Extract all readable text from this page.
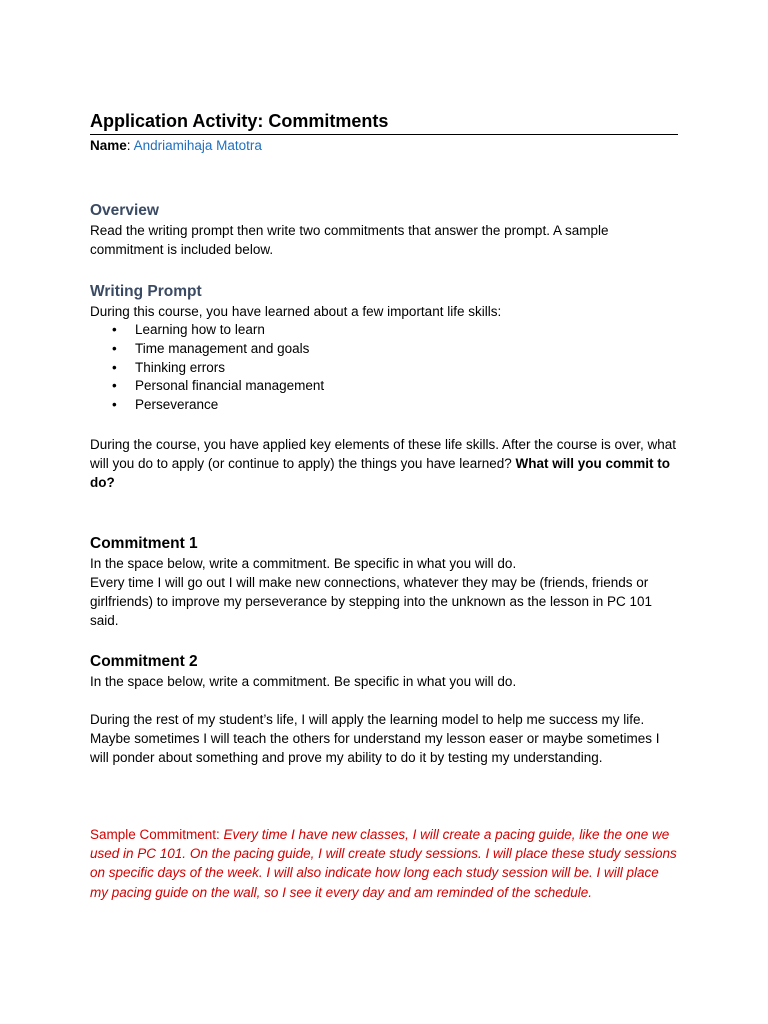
Application Activity: Commitments
Name: Andriamihaja Matotra
Overview

Read the writing prompt then write two commitments that answer the prompt. A sample commitment is included below.

Writing Prompt

During this course, you have learned about a few important life skills:

• Learning how to learn
• Time management and goals
• Thinking errors
• Personal financial management
• Perseverance

During the course, you have applied key elements of these life skills. After the course is over, what will you do to apply (or continue to apply) the things you have learned? What will you commit to do?

Commitment 1

In the space below, write a commitment. Be specific in what you will do.

Every time I will go out I will make new connections, whatever they may be (friends, friends or girlfriends) to improve my perseverance by stepping into the unknown as the lesson in PC 101 said.

Commitment 2

In the space below, write a commitment. Be specific in what you will do.

During the rest of my student’s life, I will apply the learning model to help me success my life. Maybe sometimes I will teach the others for understand my lesson easer or maybe sometimes I will ponder about something and prove my ability to do it by testing my understanding.

Sample Commitment: Every time I have new classes, I will create a pacing guide, like the one we used in PC 101. On the pacing guide, I will create study sessions. I will place these study sessions on specific days of the week. I will also indicate how long each study session will be. I will place my pacing guide on the wall, so I see it every day and am reminded of the schedule.
